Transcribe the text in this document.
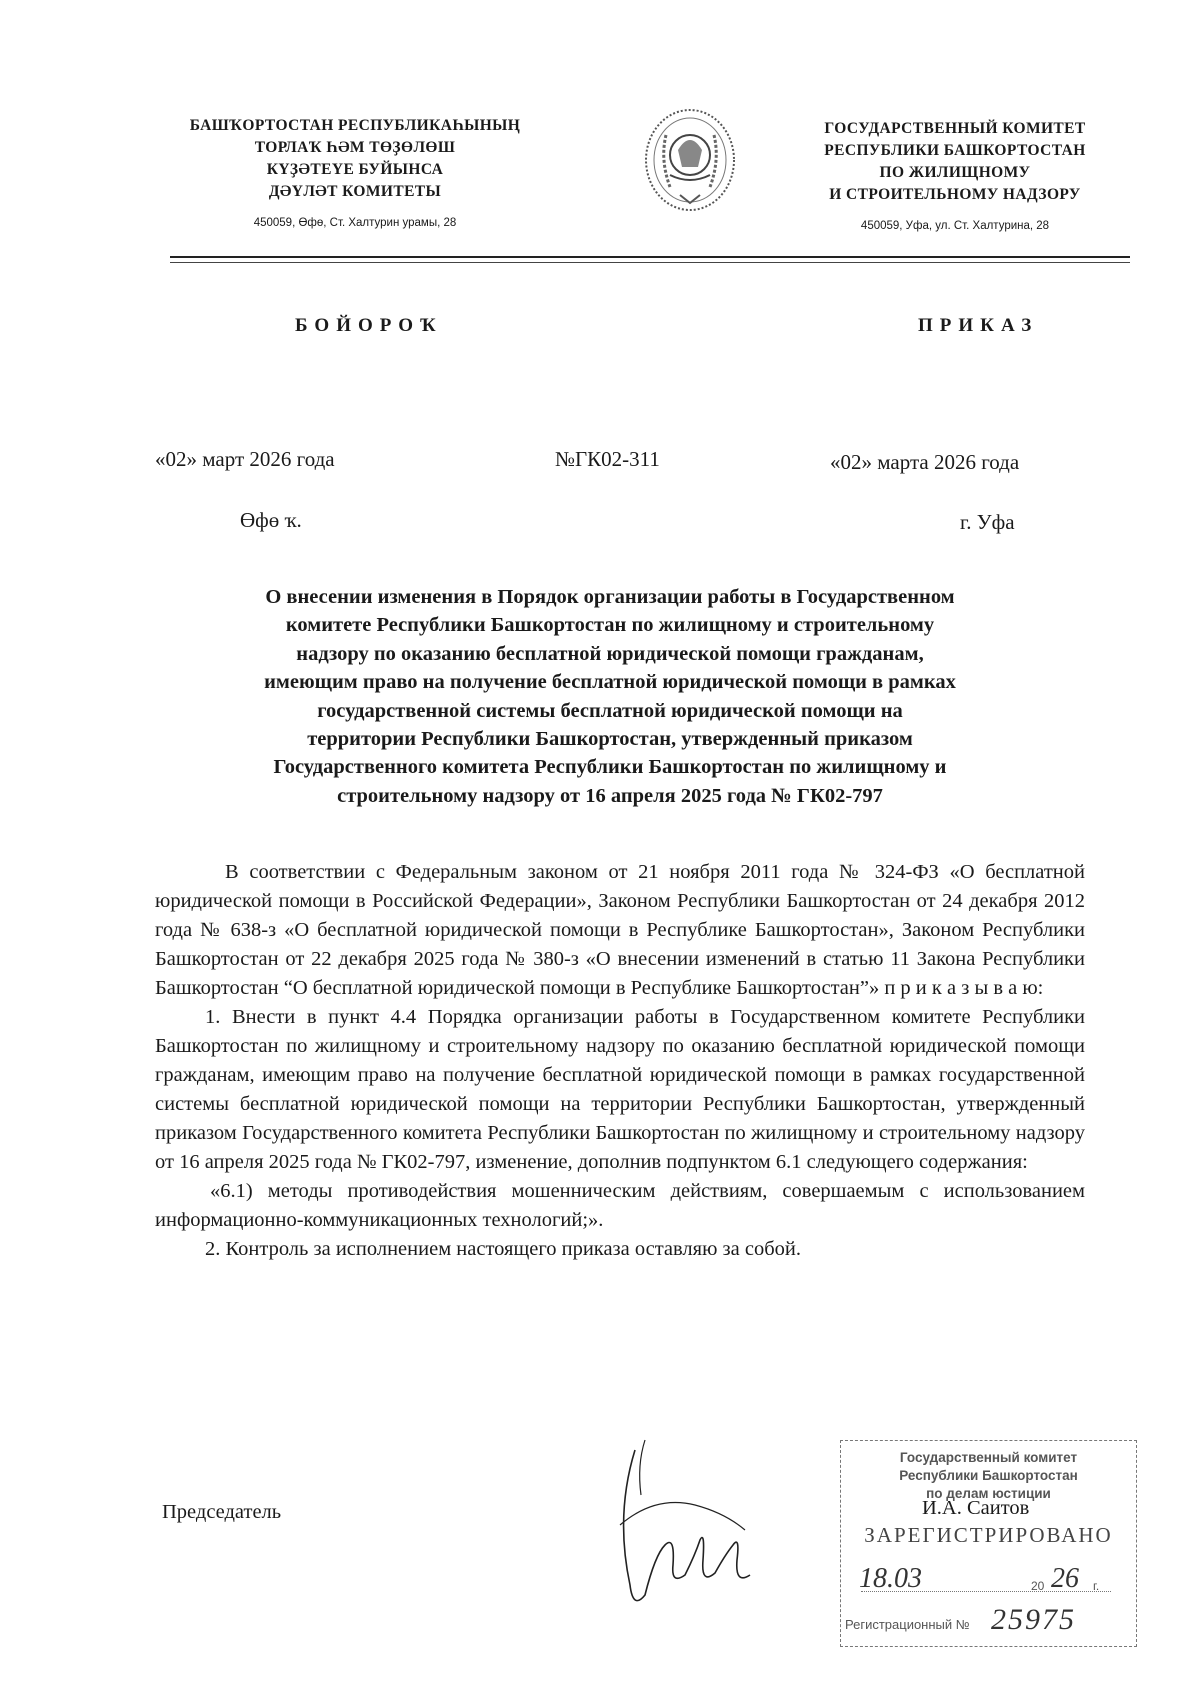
БАШҠОРТОСТАН РЕСПУБЛИКАҺЫНЫҢ
ТОРЛАҠ ҺӘМ ТӨҘӨЛӨШ
КҮҘӘТЕҮЕ БУЙЫНСА
ДӘҮЛӘТ КОМИТЕТЫ
450059, Өфө, Ст. Халтурин урамы, 28
ГОСУДАРСТВЕННЫЙ КОМИТЕТ
РЕСПУБЛИКИ БАШКОРТОСТАН
ПО ЖИЛИЩНОМУ
И СТРОИТЕЛЬНОМУ НАДЗОРУ
450059, Уфа, ул. Ст. Халтурина, 28
БОЙОРОҠ	ПРИКАЗ
«02» март 2026 года	№ГК02-311	«02» марта 2026 года
Өфө ҡ.	г. Уфа
О внесении изменения в Порядок организации работы в Государственном
комитете Республики Башкортостан по жилищному и строительному
надзору по оказанию бесплатной юридической помощи гражданам,
имеющим право на получение бесплатной юридической помощи в рамках
государственной системы бесплатной юридической помощи на
территории Республики Башкортостан, утвержденный приказом
Государственного комитета Республики Башкортостан по жилищному и
строительному надзору от 16 апреля 2025 года № ГК02-797

В соответствии с Федеральным законом от 21 ноября 2011 года № 324-ФЗ «О бесплатной юридической помощи в Российской Федерации», Законом Республики Башкортостан от 24 декабря 2012 года № 638-з «О бесплатной юридической помощи в Республике Башкортостан», Законом Республики Башкортостан от 22 декабря 2025 года № 380-з «О внесении изменений в статью 11 Закона Республики Башкортостан “О бесплатной юридической помощи в Республике Башкортостан”» п р и к а з ы в а ю:

1. Внести в пункт 4.4 Порядка организации работы в Государственном комитете Республики Башкортостан по жилищному и строительному надзору по оказанию бесплатной юридической помощи гражданам, имеющим право на получение бесплатной юридической помощи в рамках государственной системы бесплатной юридической помощи на территории Республики Башкортостан, утвержденный приказом Государственного комитета Республики Башкортостан по жилищному и строительному надзору от 16 апреля 2025 года № ГК02-797, изменение, дополнив подпунктом 6.1 следующего содержания:

«6.1) методы противодействия мошенническим действиям, совершаемым с использованием информационно-коммуникационных технологий;».

2. Контроль за исполнением настоящего приказа оставляю за собой.

Председатель	И.А. Саитов
Государственный комитет
Республики Башкортостан
по делам юстиции
ЗАРЕГИСТРИРОВАНО
18.03	20 26 г.
Регистрационный № 25975
